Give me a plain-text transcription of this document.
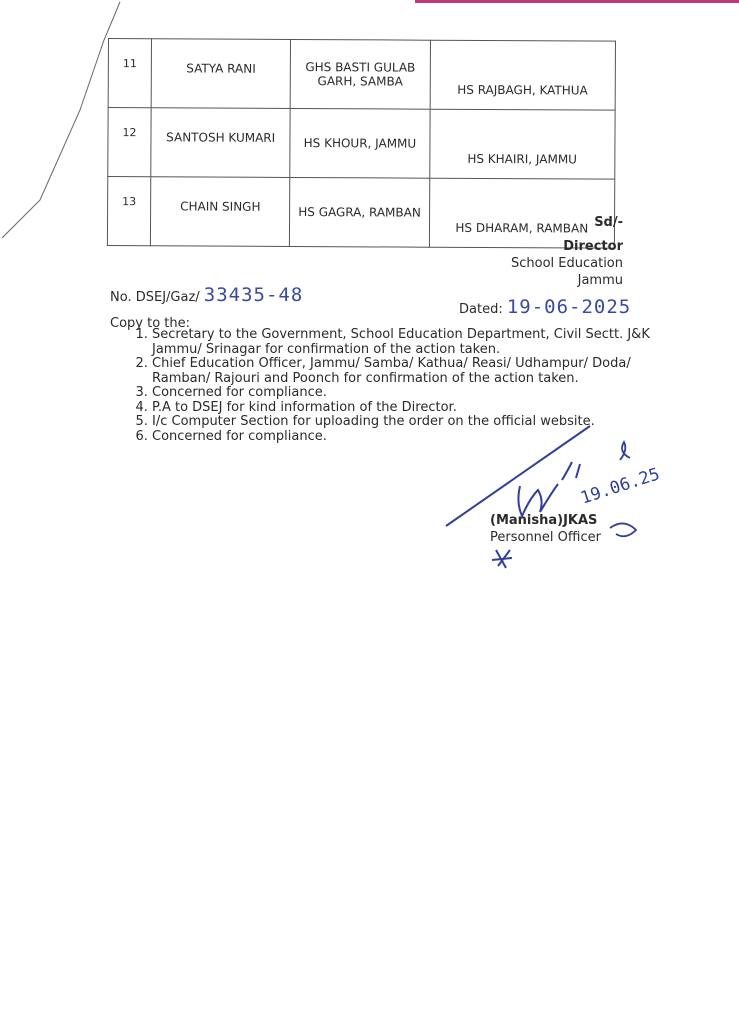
11	SATYA RANI	GHS BASTI GULAB GARH, SAMBA	HS RAJBAGH, KATHUA
12	SANTOSH KUMARI	HS KHOUR, JAMMU	HS KHAIRI, JAMMU
13	CHAIN SINGH	HS GAGRA, RAMBAN	HS DHARAM, RAMBAN Sd/-
Director
School Education
Jammu
No. DSEJ/Gaz/ 33435-48
Dated: 19-06-2025
Copy to the:
1. Secretary to the Government, School Education Department, Civil Sectt. J&K Jammu/ Srinagar for confirmation of the action taken.
2. Chief Education Officer, Jammu/ Samba/ Kathua/ Reasi/ Udhampur/ Doda/ Ramban/ Rajouri and Poonch for confirmation of the action taken.
3. Concerned for compliance.
4. P.A to DSEJ for kind information of the Director.
5. I/c Computer Section for uploading the order on the official website.
6. Concerned for compliance.
19.06.25
(Manisha)JKAS
Personnel Officer
